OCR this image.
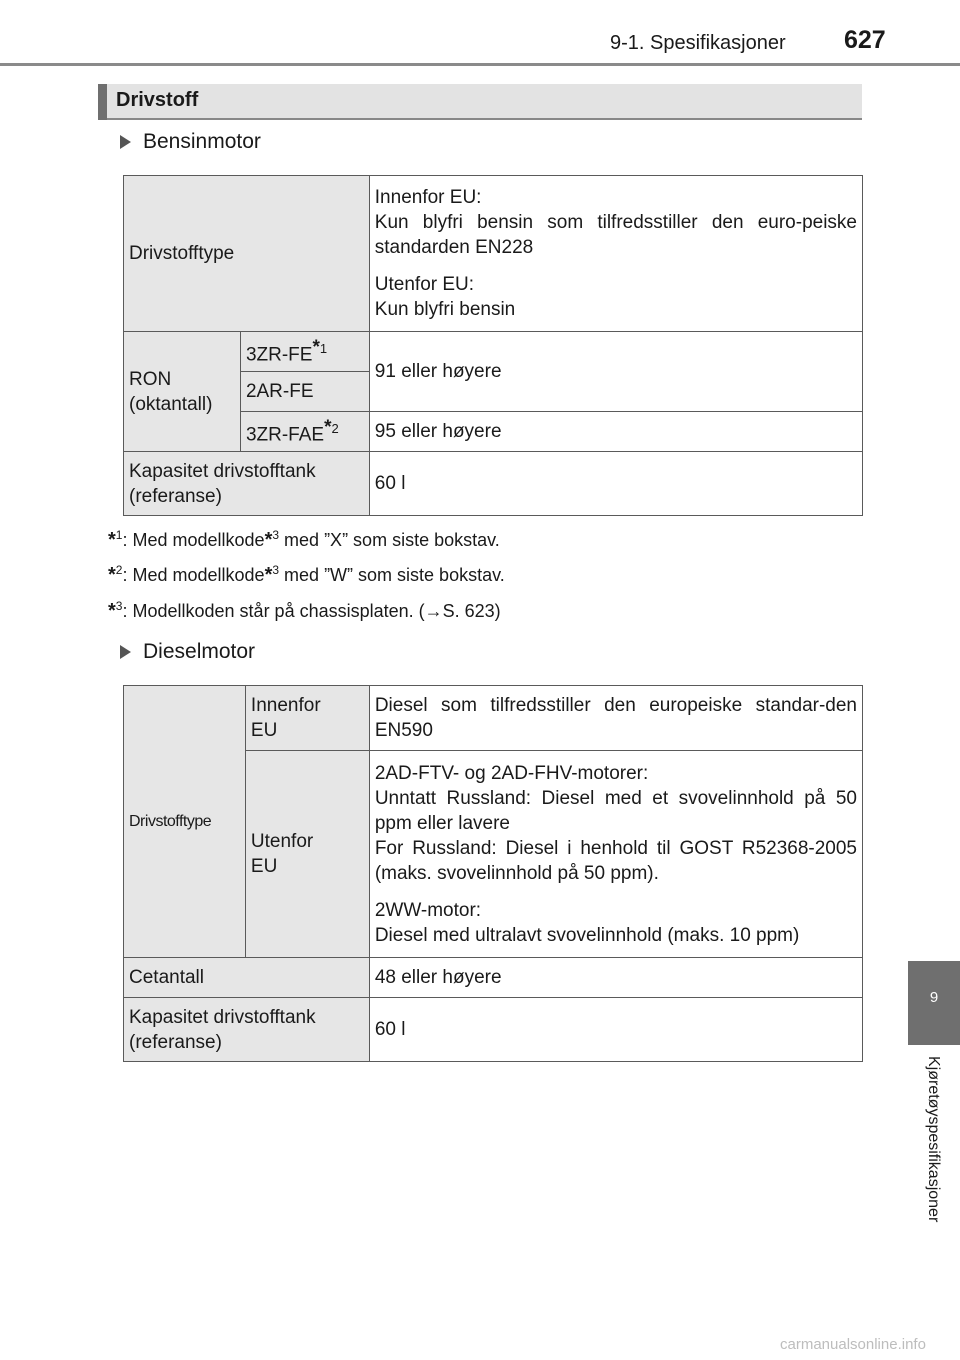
9-1. Spesifikasjoner 627
Drivstoff
Bensinmotor
Drivstofftype		Innenfor EU:
Kun blyfri bensin som tilfredsstiller den euro-peiske standarden EN228
Utenfor EU:
Kun blyfri bensin

RON
(oktantall)	3ZR-FE$^{*1}$	91 eller høyere
	2AR-FE	
	3ZR-FAE$^{*2}$	95 eller høyere
Kapasitet drivstofftank
(referanse)		60 l
*$^1$: Med modellkode*$^3$ med ”X” som siste bokstav.
*$^2$: Med modellkode*$^3$ med ”W” som siste bokstav.
*$^3$: Modellkoden står på chassisplaten. (→S. 623)
Dieselmotor
Drivstofftype	Innenfor
EU	Diesel som tilfredsstiller den europeiske standar-den EN590
	Utenfor
EU	2AD-FTV- og 2AD-FHV-motorer:
Unntatt Russland: Diesel med et svovelinnhold på 50 ppm eller lavere
For Russland: Diesel i henhold til GOST R52368-2005 (maks. svovelinnhold på 50 ppm).
2WW-motor:
Diesel med ultralavt svovelinnhold (maks. 10 ppm)

Cetantall		48 eller høyere
Kapasitet drivstofftank
(referanse)		60 l
9
Kjøretøyspesifikasjoner
carmanualsonline.info
